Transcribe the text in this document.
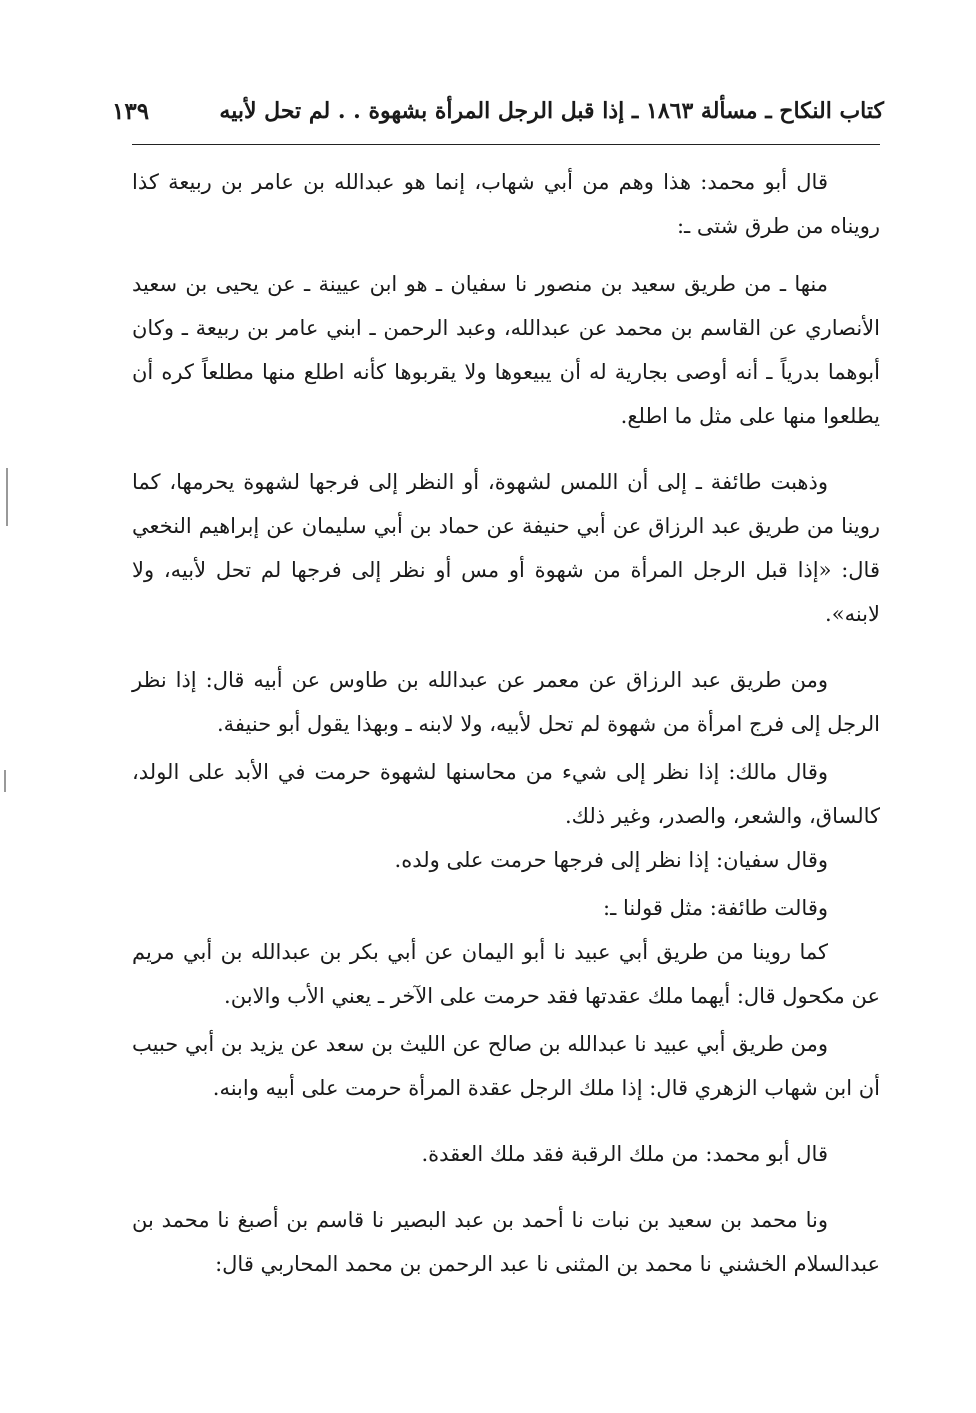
كتاب النكاح ـ مسألة ١٨٦٣ ـ إذا قبل الرجل المرأة بشهوة . . لم تحل لأبيه
١٣٩

قال أبو محمد: هذا وهم من أبي شهاب، إنما هو عبدالله بن عامر بن ربيعة كذا رويناه من طرق شتى ـ:

منها ـ من طريق سعيد بن منصور نا سفيان ـ هو ابن عيينة ـ عن يحيى بن سعيد الأنصاري عن القاسم بن محمد عن عبدالله، وعبد الرحمن ـ ابني عامر بن ربيعة ـ وكان أبوهما بدرياً ـ أنه أوصى بجارية له أن يبيعوها ولا يقربوها كأنه اطلع منها مطلعاً كره أن يطلعوا منها على مثل ما اطلع.

وذهبت طائفة ـ إلى أن اللمس لشهوة، أو النظر إلى فرجها لشهوة يحرمها، كما روينا من طريق عبد الرزاق عن أبي حنيفة عن حماد بن أبي سليمان عن إبراهيم النخعي قال: «إذا قبل الرجل المرأة من شهوة أو مس أو نظر إلى فرجها لم تحل لأبيه، ولا لابنه».

ومن طريق عبد الرزاق عن معمر عن عبدالله بن طاوس عن أبيه قال: إذا نظر الرجل إلى فرج امرأة من شهوة لم تحل لأبيه، ولا لابنه ـ وبهذا يقول أبو حنيفة.

وقال مالك: إذا نظر إلى شيء من محاسنها لشهوة حرمت في الأبد على الولد، كالساق، والشعر، والصدر، وغير ذلك.

وقال سفيان: إذا نظر إلى فرجها حرمت على ولده.

وقالت طائفة: مثل قولنا ـ:

كما روينا من طريق أبي عبيد نا أبو اليمان عن أبي بكر بن عبدالله بن أبي مريم عن مكحول قال: أيهما ملك عقدتها فقد حرمت على الآخر ـ يعني الأب والابن.

ومن طريق أبي عبيد نا عبدالله بن صالح عن الليث بن سعد عن يزيد بن أبي حبيب أن ابن شهاب الزهري قال: إذا ملك الرجل عقدة المرأة حرمت على أبيه وابنه.

قال أبو محمد: من ملك الرقبة فقد ملك العقدة.

ونا محمد بن سعيد بن نبات نا أحمد بن عبد البصير نا قاسم بن أصبغ نا محمد بن عبدالسلام الخشني نا محمد بن المثنى نا عبد الرحمن بن محمد المحاربي قال:
